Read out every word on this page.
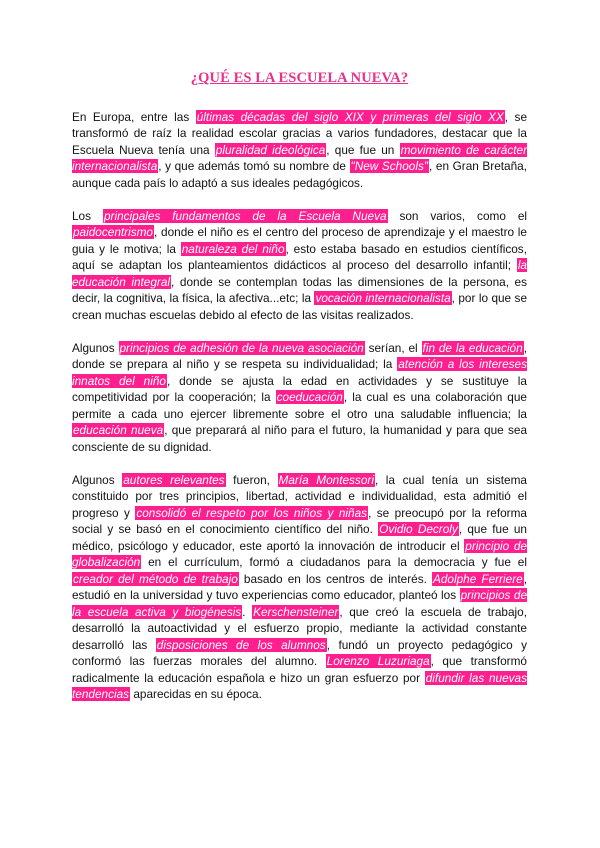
¿QUÉ ES LA ESCUELA NUEVA?

En Europa, entre las últimas décadas del siglo XIX y primeras del siglo XX, se transformó de raíz la realidad escolar gracias a varios fundadores, destacar que la Escuela Nueva tenía una pluralidad ideológica, que fue un movimiento de carácter internacionalista, y que además tomó su nombre de "New Schools", en Gran Bretaña, aunque cada país lo adaptó a sus ideales pedagógicos.

Los principales fundamentos de la Escuela Nueva son varios, como el paidocentrismo, donde el niño es el centro del proceso de aprendizaje y el maestro le guia y le motiva; la naturaleza del niño, esto estaba basado en estudios científicos, aquí se adaptan los planteamientos didácticos al proceso del desarrollo infantil; la educación integral, donde se contemplan todas las dimensiones de la persona, es decir, la cognitiva, la física, la afectiva...etc; la vocación internacionalista, por lo que se crean muchas escuelas debido al efecto de las visitas realizados.

Algunos principios de adhesión de la nueva asociación serían, el fin de la educación, donde se prepara al niño y se respeta su individualidad; la atención a los intereses innatos del niño, donde se ajusta la edad en actividades y se sustituye la competitividad por la cooperación; la coeducación, la cual es una colaboración que permite a cada uno ejercer libremente sobre el otro una saludable influencia; la educación nueva, que preparará al niño para el futuro, la humanidad y para que sea consciente de su dignidad.

Algunos autores relevantes fueron, María Montessori, la cual tenía un sistema constituido por tres principios, libertad, actividad e individualidad, esta admitió el progreso y consolidó el respeto por los niños y niñas, se preocupó por la reforma social y se basó en el conocimiento científico del niño. Ovidio Decroly, que fue un médico, psicólogo y educador, este aportó la innovación de introducir el principio de globalización en el currículum, formó a ciudadanos para la democracia y fue el creador del método de trabajo basado en los centros de interés. Adolphe Ferriere, estudió en la universidad y tuvo experiencias como educador, planteó los principios de la escuela activa y biogénesis. Kerschensteiner, que creó la escuela de trabajo, desarrolló la autoactividad y el esfuerzo propio, mediante la actividad constante desarrolló las disposiciones de los alumnos, fundó un proyecto pedagógico y conformó las fuerzas morales del alumno. Lorenzo Luzuriaga, que transformó radicalmente la educación española e hizo un gran esfuerzo por difundir las nuevas tendencias aparecidas en su época.
